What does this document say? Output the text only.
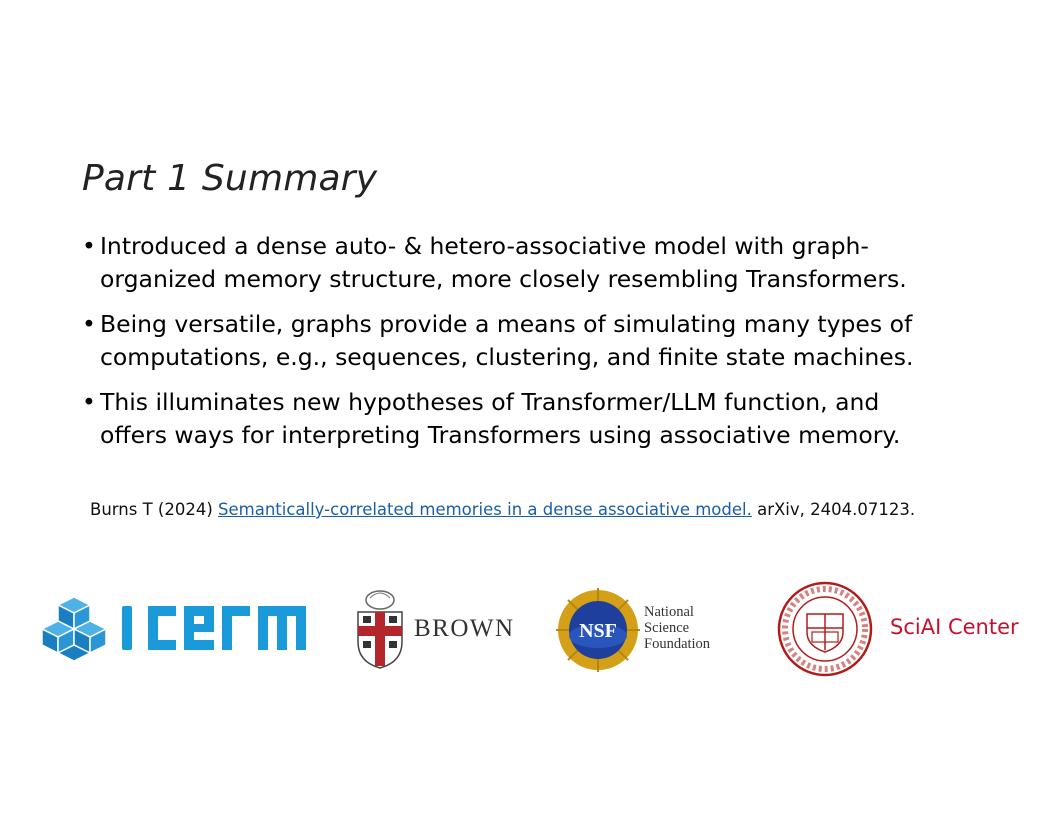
Part 1 Summary
• Introduced a dense auto- & hetero-associative model with graph-
organized memory structure, more closely resembling Transformers.
• Being versatile, graphs provide a means of simulating many types of
computations, e.g., sequences, clustering, and finite state machines.
• This illuminates new hypotheses of Transformer/LLM function, and
offers ways for interpreting Transformers using associative memory.
Burns T (2024) Semantically-correlated memories in a dense associative model. arXiv, 2404.07123.
BROWN	NSF
National
Science
Foundation
SciAI Center
